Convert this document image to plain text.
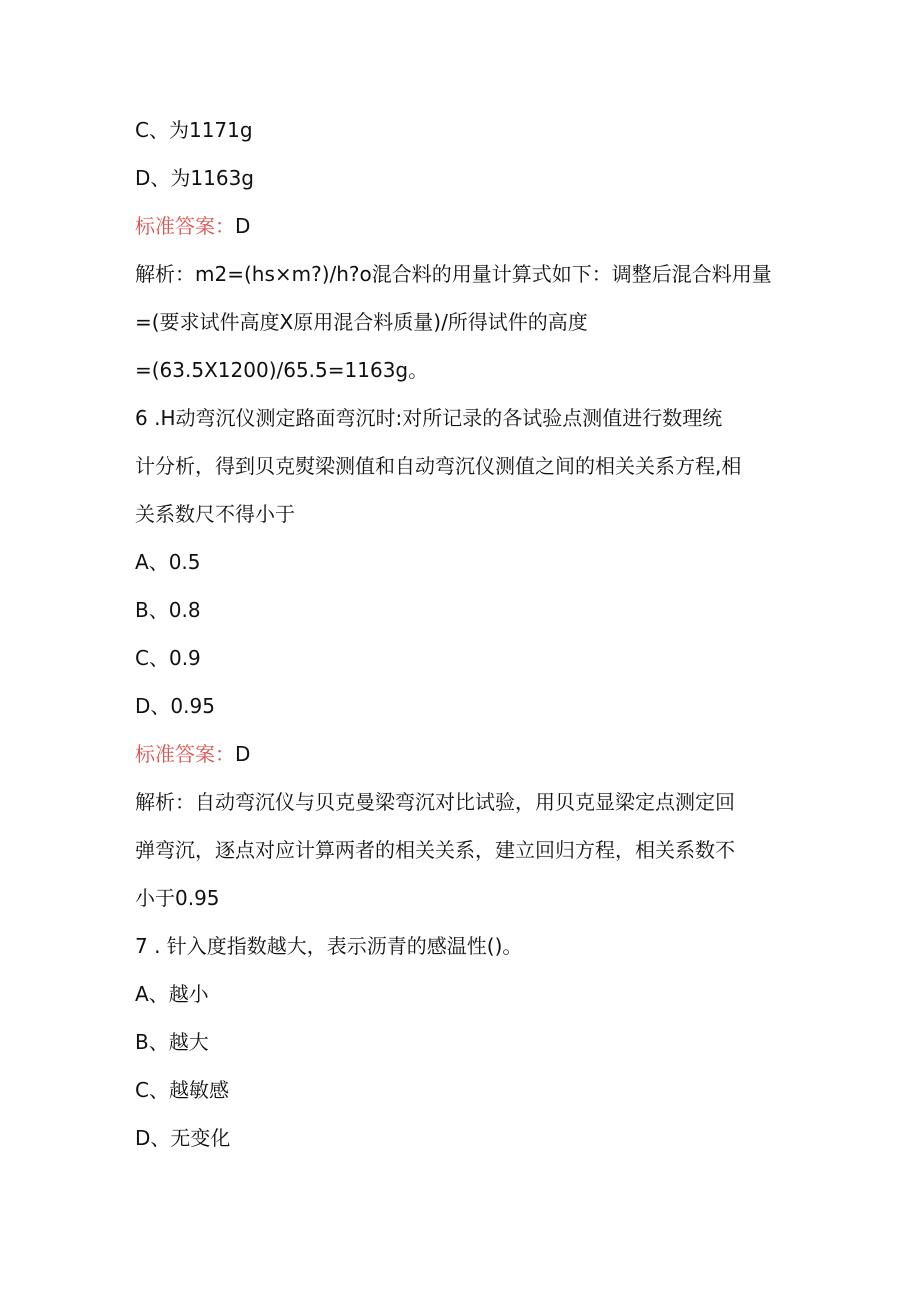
C、为1171g
D、为1163g
标准答案：D
解析：m2=(hs×m?)/h?o混合料的用量计算式如下：调整后混合料用量
=(要求试件高度X原用混合料质量)/所得试件的高度
=(63.5X1200)/65.5=1163g。
6 .H动弯沉仪测定路面弯沉时:对所记录的各试验点测值进行数理统
计分析，得到贝克熨梁测值和自动弯沉仪测值之间的相关关系方程,相
关系数尺不得小于
A、0.5
B、0.8
C、0.9
D、0.95
标准答案：D
解析：自动弯沉仪与贝克曼梁弯沉对比试验，用贝克显梁定点测定回
弹弯沉，逐点对应计算两者的相关关系，建立回归方程，相关系数不
小于0.95
7 . 针入度指数越大，表示沥青的感温性()。
A、越小
B、越大
C、越敏感
D、无变化
